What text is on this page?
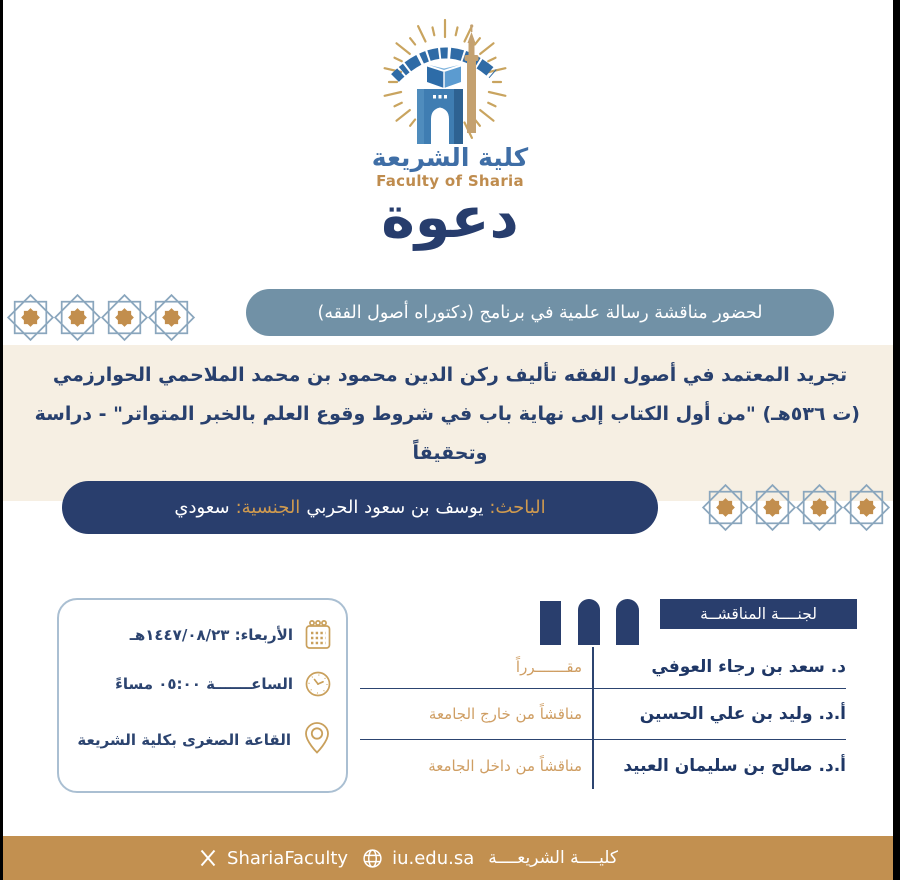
كلية الشريعة
Faculty of Sharia
دعوة
لحضور مناقشة رسالة علمية في برنامج (دكتوراه أصول الفقه)
تجريد المعتمد في أصول الفقه تأليف ركن الدين محمود بن محمد الملاحمي الحوارزمي
(ت ٥٣٦هـ) "من أول الكتاب إلى نهاية باب في شروط وقوع العلم بالخبر المتواتر" - دراسة
وتحقيقاً
الباحث:
يوسف بن سعود الحربي
الجنسية:
سعودي
الأربعاء: ١٤٤٧/٠٨/٢٣هـ
الساعـــــــة ٠٥:٠٠ مساءً
القاعة الصغرى بكلية الشريعة
لجنــــة المناقشــة
د. سعد بن رجاء العوفي
مقـــــــرراً
أ.د. وليد بن علي الحسين
مناقشاً من خارج الجامعة
أ.د. صالح بن سليمان العبيد
مناقشاً من داخل الجامعة
ShariaFaculty iu.edu.sa كليــــة الشريعــــة
